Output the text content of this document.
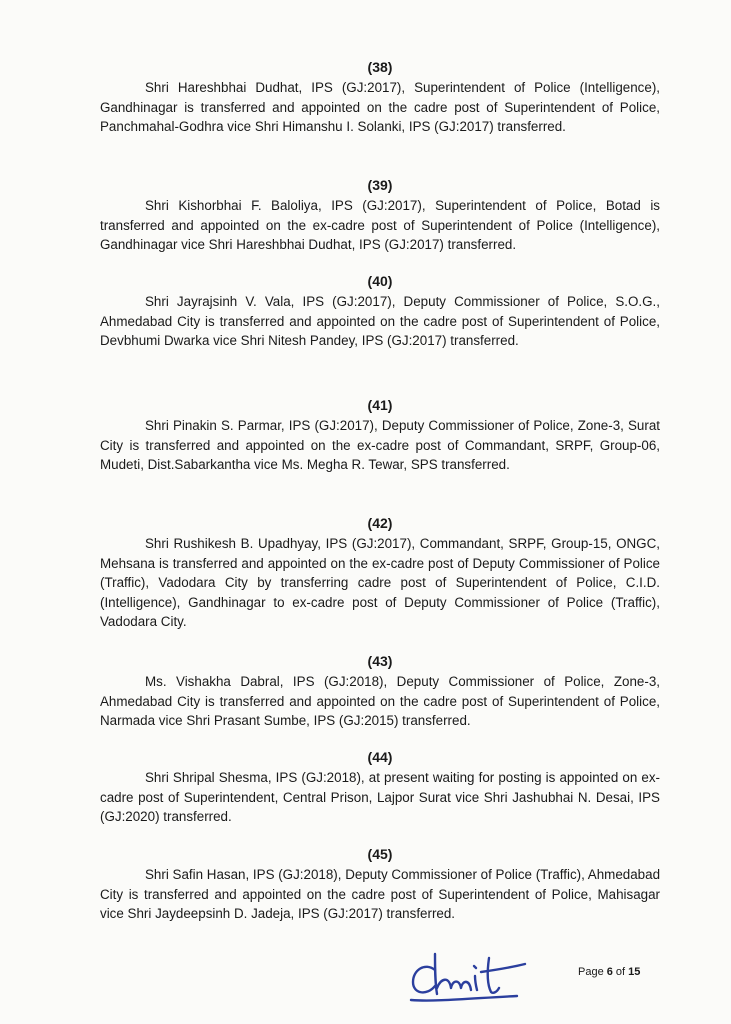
(38)

Shri Hareshbhai Dudhat, IPS (GJ:2017), Superintendent of Police (Intelligence), Gandhinagar is transferred and appointed on the cadre post of Superintendent of Police, Panchmahal-Godhra vice Shri Himanshu I. Solanki, IPS (GJ:2017) transferred.

(39)

Shri Kishorbhai F. Baloliya, IPS (GJ:2017), Superintendent of Police, Botad is transferred and appointed on the ex-cadre post of Superintendent of Police (Intelligence), Gandhinagar vice Shri Hareshbhai Dudhat, IPS (GJ:2017) transferred.

(40)

Shri Jayrajsinh V. Vala, IPS (GJ:2017), Deputy Commissioner of Police, S.O.G., Ahmedabad City is transferred and appointed on the cadre post of Superintendent of Police, Devbhumi Dwarka vice Shri Nitesh Pandey, IPS (GJ:2017) transferred.

(41)

Shri Pinakin S. Parmar, IPS (GJ:2017), Deputy Commissioner of Police, Zone-3, Surat City is transferred and appointed on the ex-cadre post of Commandant, SRPF, Group-06, Mudeti, Dist.Sabarkantha vice Ms. Megha R. Tewar, SPS transferred.

(42)

Shri Rushikesh B. Upadhyay, IPS (GJ:2017), Commandant, SRPF, Group-15, ONGC, Mehsana is transferred and appointed on the ex-cadre post of Deputy Commissioner of Police (Traffic), Vadodara City by transferring cadre post of Superintendent of Police, C.I.D. (Intelligence), Gandhinagar to ex-cadre post of Deputy Commissioner of Police (Traffic), Vadodara City.

(43)

Ms. Vishakha Dabral, IPS (GJ:2018), Deputy Commissioner of Police, Zone-3, Ahmedabad City is transferred and appointed on the cadre post of Superintendent of Police, Narmada vice Shri Prasant Sumbe, IPS (GJ:2015) transferred.

(44)

Shri Shripal Shesma, IPS (GJ:2018), at present waiting for posting is appointed on ex-cadre post of Superintendent, Central Prison, Lajpor Surat vice Shri Jashubhai N. Desai, IPS (GJ:2020) transferred.

(45)

Shri Safin Hasan, IPS (GJ:2018), Deputy Commissioner of Police (Traffic), Ahmedabad City is transferred and appointed on the cadre post of Superintendent of Police, Mahisagar vice Shri Jaydeepsinh D. Jadeja, IPS (GJ:2017) transferred.

Page 6 of 15
